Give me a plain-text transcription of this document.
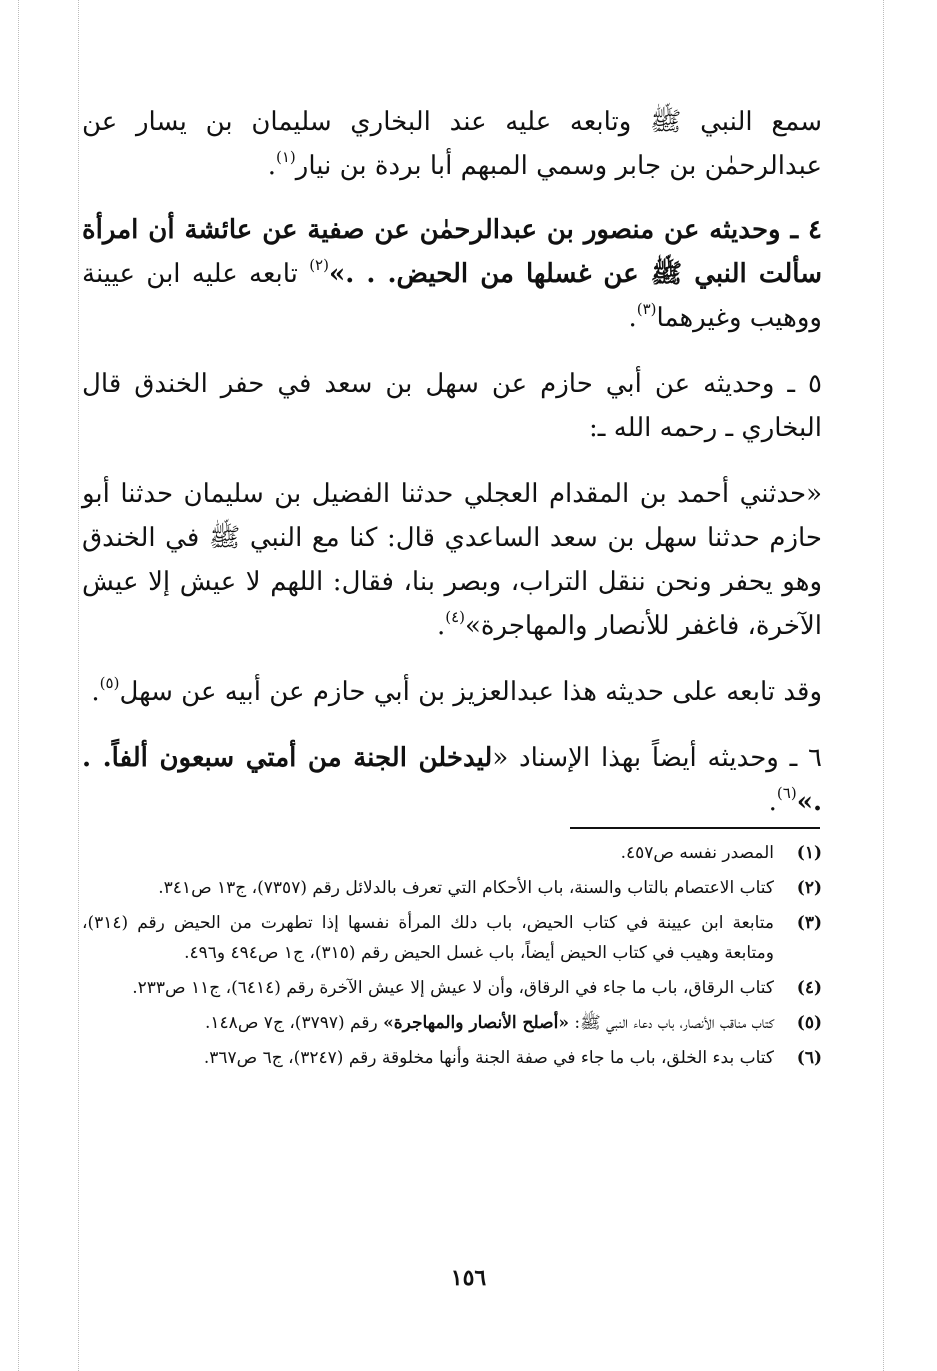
سمع النبي ﷺ وتابعه عليه عند البخاري سليمان بن يسار عن عبدالرحمٰن بن جابر وسمي المبهم أبا بردة بن نيار$^{(١)}$.

٤ ـ وحديثه عن منصور بن عبدالرحمٰن عن صفية عن عائشة أن امرأة سألت النبي ﷺ عن غسلها من الحيض. . .»$^{(٢)}$ تابعه عليه ابن عيينة ووهيب وغيرهما$^{(٣)}$.

٥ ـ وحديثه عن أبي حازم عن سهل بن سعد في حفر الخندق قال البخاري ـ رحمه الله ـ:

«حدثني أحمد بن المقدام العجلي حدثنا الفضيل بن سليمان حدثنا أبو حازم حدثنا سهل بن سعد الساعدي قال: كنا مع النبي ﷺ في الخندق وهو يحفر ونحن ننقل التراب، وبصر بنا، فقال: اللهم لا عيش إلا عيش الآخرة، فاغفر للأنصار والمهاجرة»$^{(٤)}$.

وقد تابعه على حديثه هذا عبدالعزيز بن أبي حازم عن أبيه عن سهل$^{(٥)}$.

٦ ـ وحديثه أيضاً بهذا الإسناد «ليدخلن الجنة من أمتي سبعون ألفاً. . .»$^{(٦)}$.

(١)
المصدر نفسه ص٤٥٧.
(٢)
كتاب الاعتصام بالتاب والسنة، باب الأحكام التي تعرف بالدلائل رقم (٧٣٥٧)، ج١٣ ص٣٤١.
(٣)
متابعة ابن عيينة في كتاب الحيض، باب دلك المرأة نفسها إذا تطهرت من الحيض رقم (٣١٤)، ومتابعة وهيب في كتاب الحيض أيضاً، باب غسل الحيض رقم (٣١٥)، ج١ ص٤٩٤ و٤٩٦.
(٤)
كتاب الرقاق، باب ما جاء في الرقاق، وأن لا عيش إلا عيش الآخرة رقم (٦٤١٤)، ج١١ ص٢٣٣.
(٥)
كتاب مناقب الأنصار، باب دعاء النبي ﷺ: «أصلح الأنصار والمهاجرة» رقم (٣٧٩٧)، ج٧ ص١٤٨.
(٦)
كتاب بدء الخلق، باب ما جاء في صفة الجنة وأنها مخلوقة رقم (٣٢٤٧)، ج٦ ص٣٦٧.
١٥٦
